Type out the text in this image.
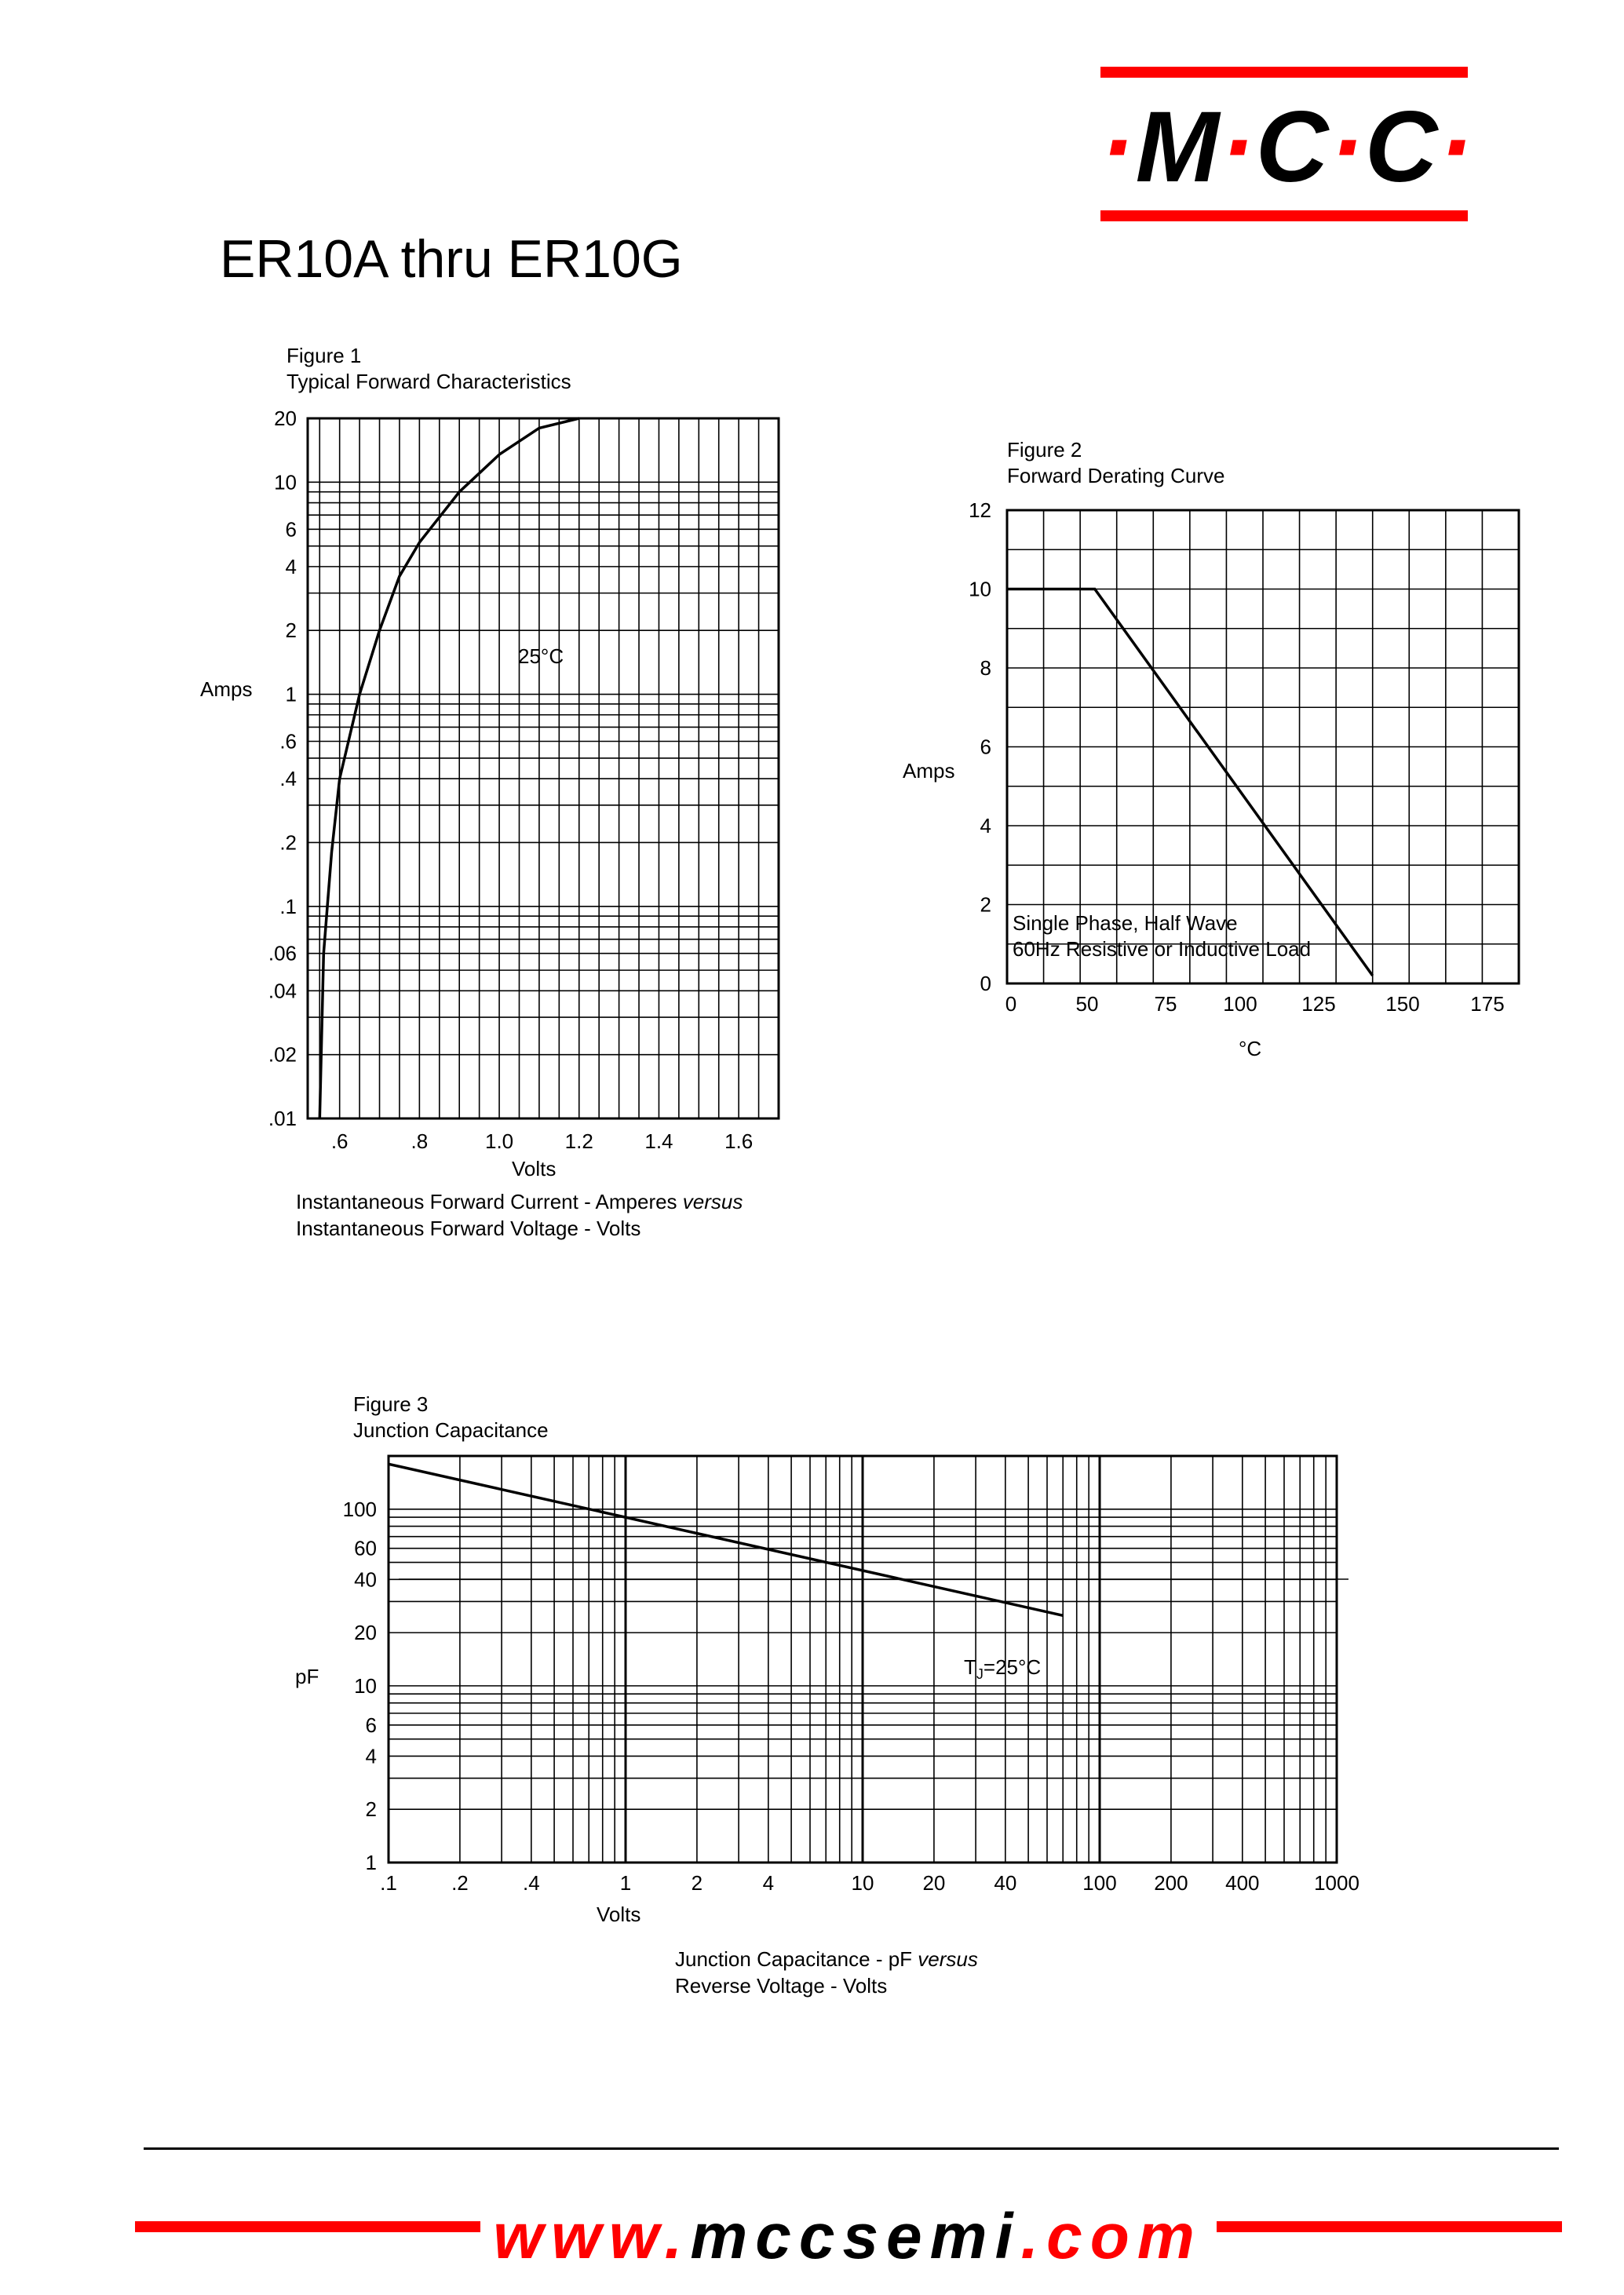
·M·C·C·
ER10A thru ER10G
Figure 1
Typical Forward Characteristics
Amps
Volts
Instantaneous Forward Current - Amperes versus
Instantaneous Forward Voltage - Volts
Figure 2
Forward Derating Curve
Amps
°C
Figure 3
Junction Capacitance
pF
Volts
Junction Capacitance - pF versus
Reverse Voltage - Volts
.01
.02
.04
.06
.1
.2
.4
.6
1
2
4
6
10
20
.6	.8	1.0	1.2	1.4	1.6
25°C
0
2
4
6
8
10
12
0	50	75 100 125 150 175
Single Phase, Half Wave
60Hz Resistive or Inductive Load
1
2
4
6
10
20
40
60
100
.1	.2	.4	1	2	4	10 20 40	100 200 400	1000
$T_J=25^\circ C$
www.mccsemi.com
